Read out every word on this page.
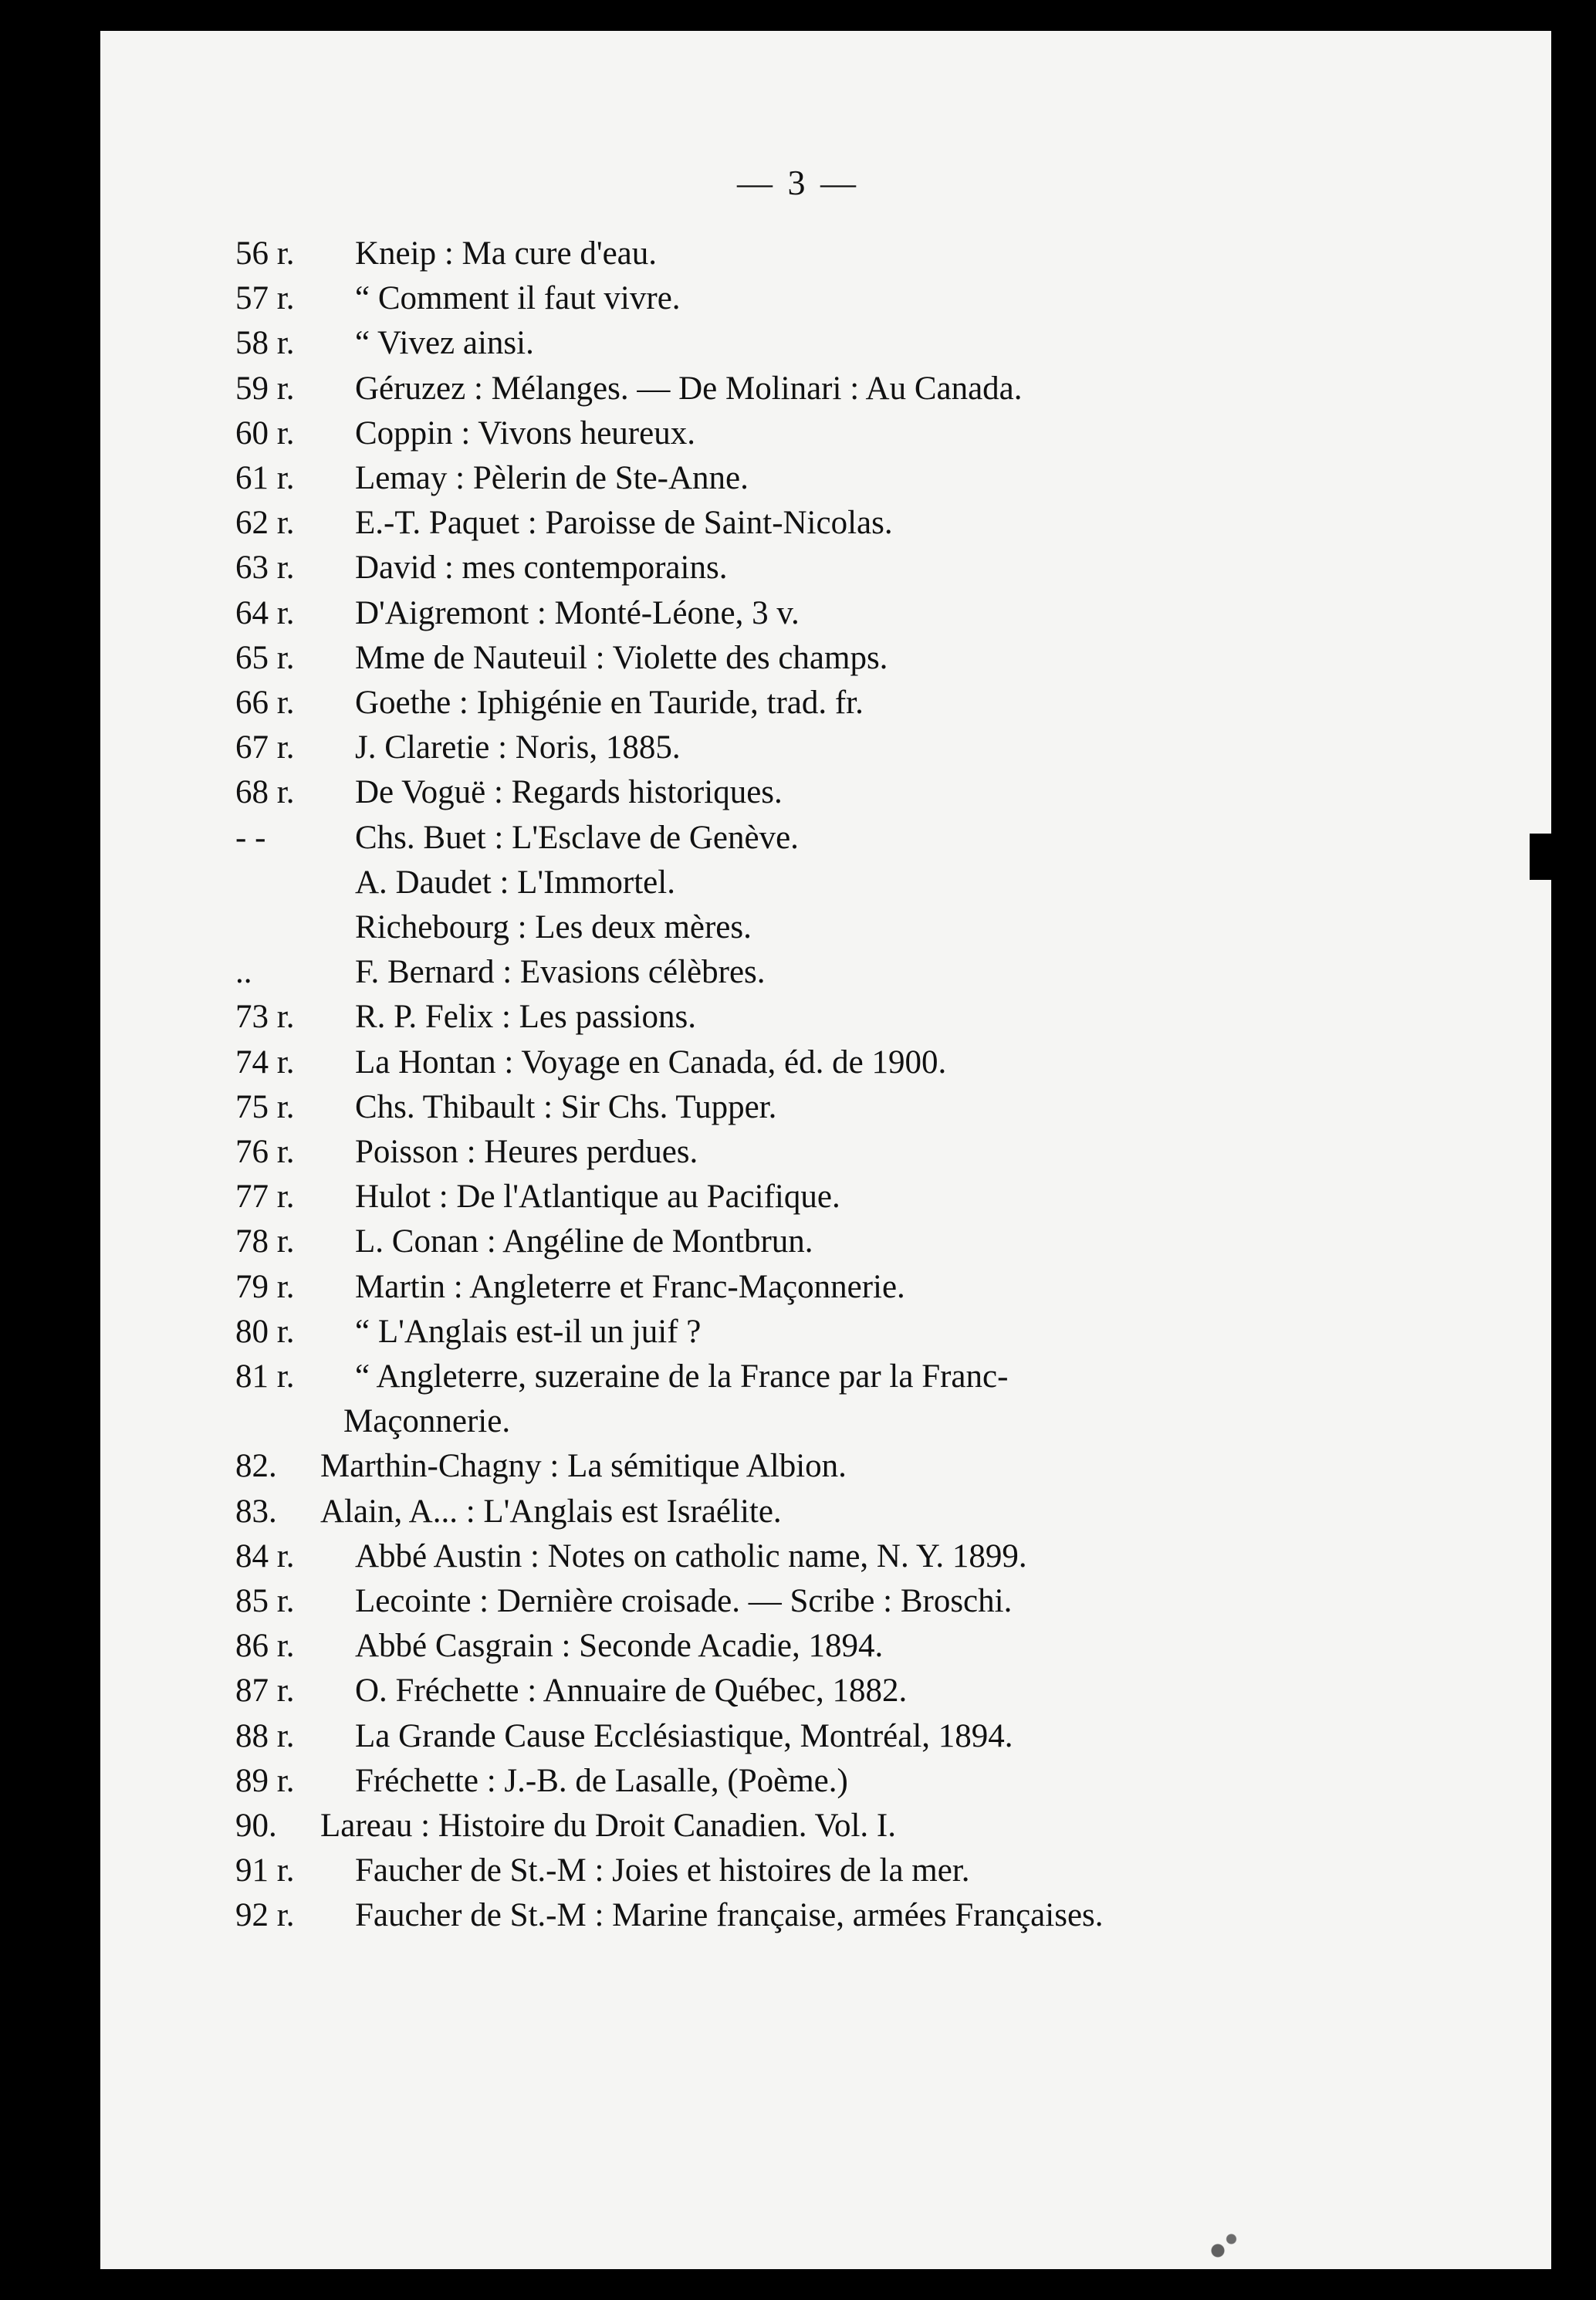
— 3 —
56 r. Kneip : Ma cure d'eau.
57 r. “ Comment il faut vivre.
58 r. “ Vivez ainsi.
59 r. Géruzez : Mélanges. — De Molinari : Au Canada.
60 r. Coppin : Vivons heureux.
61 r. Lemay : Pèlerin de Ste-Anne.
62 r. E.-T. Paquet : Paroisse de Saint-Nicolas.
63 r. David : mes contemporains.
64 r. D'Aigremont : Monté-Léone, 3 v.
65 r. Mme de Nauteuil : Violette des champs.
66 r. Goethe : Iphigénie en Tauride, trad. fr.
67 r. J. Claretie : Noris, 1885.
68 r. De Voguë : Regards historiques.
- -	Chs. Buet : L'Esclave de Genève.
A. Daudet : L'Immortel.
Richebourg : Les deux mères.
..	F. Bernard : Evasions célèbres.
73 r. R. P. Felix : Les passions.
74 r. La Hontan : Voyage en Canada, éd. de 1900.
75 r. Chs. Thibault : Sir Chs. Tupper.
76 r. Poisson : Heures perdues.
77 r. Hulot : De l'Atlantique au Pacifique.
78 r. L. Conan : Angéline de Montbrun.
79 r. Martin : Angleterre et Franc-Maçonnerie.
80 r. “ L'Anglais est-il un juif ?
81 r. “ Angleterre, suzeraine de la France par la Franc-
Maçonnerie.
82. Marthin-Chagny : La sémitique Albion.
83. Alain, A... : L'Anglais est Israélite.
84 r. Abbé Austin : Notes on catholic name, N. Y. 1899.
85 r. Lecointe : Dernière croisade. — Scribe : Broschi.
86 r. Abbé Casgrain : Seconde Acadie, 1894.
87 r. O. Fréchette : Annuaire de Québec, 1882.
88 r. La Grande Cause Ecclésiastique, Montréal, 1894.
89 r. Fréchette : J.-B. de Lasalle, (Poème.)
90. Lareau : Histoire du Droit Canadien. Vol. I.
91 r. Faucher de St.-M : Joies et histoires de la mer.
92 r. Faucher de St.-M : Marine française, armées Françaises.
